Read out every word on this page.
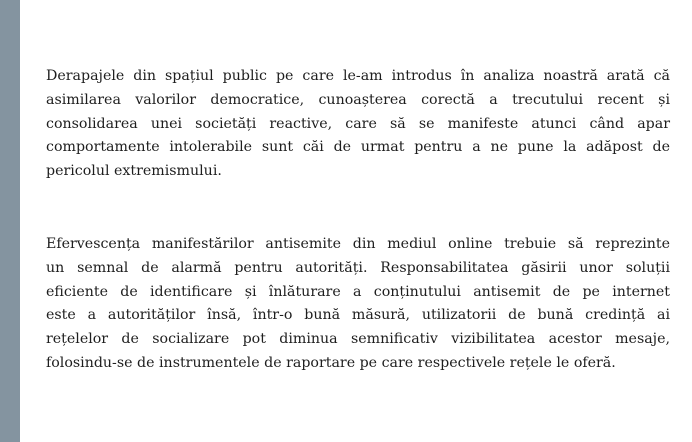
Derapajele din spațiul public pe care le-am introdus în analiza noastră arată că
asimilarea valorilor democratice, cunoașterea corectă a trecutului recent și
consolidarea unei societăți reactive, care să se manifeste atunci când apar
comportamente intolerabile sunt căi de urmat pentru a ne pune la adăpost de
pericolul extremismului.
Efervescența manifestărilor antisemite din mediul online trebuie să reprezinte
un semnal de alarmă pentru autorități. Responsabilitatea găsirii unor soluții
eficiente de identificare și înlăturare a conținutului antisemit de pe internet
este a autorităților însă, într-o bună măsură, utilizatorii de bună credință ai
rețelelor de socializare pot diminua semnificativ vizibilitatea acestor mesaje,
folosindu-se de instrumentele de raportare pe care respectivele rețele le oferă.
